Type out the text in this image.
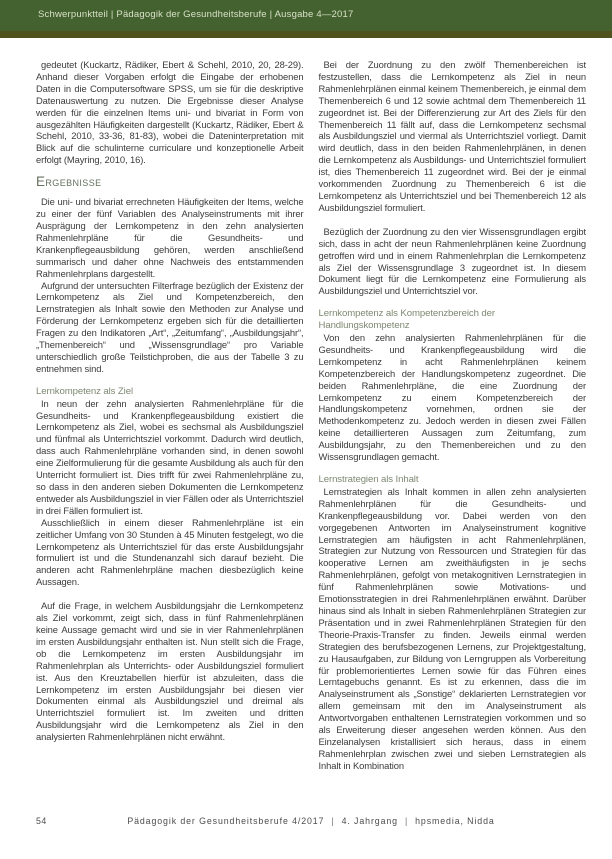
Schwerpunktteil | Pädagogik der Gesundheitsberufe | Ausgabe 4—2017

gedeutet (Kuckartz, Rädiker, Ebert & Schehl, 2010, 20, 28-29). Anhand dieser Vorgaben erfolgt die Eingabe der erhobenen Daten in die Computersoftware SPSS, um sie für die deskriptive Datenauswertung zu nutzen. Die Ergebnisse dieser Analyse werden für die einzelnen Items uni- und bivariat in Form von ausgezählten Häufigkeiten dargestellt (Kuckartz, Rädiker, Ebert & Schehl, 2010, 33-36, 81-83), wobei die Dateninterpretation mit Blick auf die schulinterne curriculare und konzeptionelle Arbeit erfolgt (Mayring, 2010, 16).

Ergebnisse

Die uni- und bivariat errechneten Häufigkeiten der Items, welche zu einer der fünf Variablen des Analyseinstruments mit ihrer Ausprägung der Lernkompetenz in den zehn analysierten Rahmenlehrpläne für die Gesundheits- und Krankenpflegeausbildung gehören, werden anschließend summarisch und daher ohne Nachweis des entstammenden Rahmenlehrplans dargestellt.

Aufgrund der untersuchten Filterfrage bezüglich der Existenz der Lernkompetenz als Ziel und Kompetenzbereich, den Lernstrategien als Inhalt sowie den Methoden zur Analyse und Förderung der Lernkompetenz ergeben sich für die detaillierten Fragen zu den Indikatoren „Art“, „Zeitumfang“, „Ausbildungsjahr“, „Themenbereich“ und „Wissensgrundlage“ pro Variable unterschiedlich große Teilstichproben, die aus der Tabelle 3 zu entnehmen sind.

Lernkompetenz als Ziel

In neun der zehn analysierten Rahmenlehrpläne für die Gesundheits- und Krankenpflegeausbildung existiert die Lernkompetenz als Ziel, wobei es sechsmal als Ausbildungsziel und fünfmal als Unterrichtsziel vorkommt. Dadurch wird deutlich, dass auch Rahmenlehrpläne vorhanden sind, in denen sowohl eine Zielformulierung für die gesamte Ausbildung als auch für den Unterricht formuliert ist. Dies trifft für zwei Rahmenlehrpläne zu, so dass in den anderen sieben Dokumenten die Lernkompetenz entweder als Ausbildungsziel in vier Fällen oder als Unterrichtsziel in drei Fällen formuliert ist.

Ausschließlich in einem dieser Rahmenlehrpläne ist ein zeitlicher Umfang von 30 Stunden à 45 Minuten festgelegt, wo die Lernkompetenz als Unterrichtsziel für das erste Ausbildungsjahr formuliert ist und die Stundenanzahl sich darauf bezieht. Die anderen acht Rahmenlehrpläne machen diesbezüglich keine Aussagen.

Auf die Frage, in welchem Ausbildungsjahr die Lernkompetenz als Ziel vorkommt, zeigt sich, dass in fünf Rahmenlehrplänen keine Aussage gemacht wird und sie in vier Rahmenlehrplänen im ersten Ausbildungsjahr enthalten ist. Nun stellt sich die Frage, ob die Lernkompetenz im ersten Ausbildungsjahr im Rahmenlehrplan als Unterrichts- oder Ausbildungsziel formuliert ist. Aus den Kreuztabellen hierfür ist abzuleiten, dass die Lernkompetenz im ersten Ausbildungsjahr bei diesen vier Dokumenten einmal als Ausbildungsziel und dreimal als Unterrichtsziel formuliert ist. Im zweiten und dritten Ausbildungsjahr wird die Lernkompetenz als Ziel in den analysierten Rahmenlehrplänen nicht erwähnt.

Bei der Zuordnung zu den zwölf Themenbereichen ist festzustellen, dass die Lernkompetenz als Ziel in neun Rahmenlehrplänen einmal keinem Themenbereich, je einmal dem Themenbereich 6 und 12 sowie achtmal dem Themenbereich 11 zugeordnet ist. Bei der Differenzierung zur Art des Ziels für den Themenbereich 11 fällt auf, dass die Lernkompetenz sechsmal als Ausbildungsziel und viermal als Unterrichtsziel vorliegt. Damit wird deutlich, dass in den beiden Rahmenlehrplänen, in denen die Lernkompetenz als Ausbildungs- und Unterrichtsziel formuliert ist, dies Themenbereich 11 zugeordnet wird. Bei der je einmal vorkommenden Zuordnung zu Themenbereich 6 ist die Lernkompetenz als Unterrichtsziel und bei Themenbereich 12 als Ausbildungsziel formuliert.

Bezüglich der Zuordnung zu den vier Wissensgrundlagen ergibt sich, dass in acht der neun Rahmenlehrplänen keine Zuordnung getroffen wird und in einem Rahmenlehrplan die Lernkompetenz als Ziel der Wissensgrundlage 3 zugeordnet ist. In diesem Dokument liegt für die Lernkompetenz eine Formulierung als Ausbildungsziel und Unterrichtsziel vor.

Lernkompetenz als Kompetenzbereich der Handlungskompetenz

Von den zehn analysierten Rahmenlehrplänen für die Gesundheits- und Krankenpflegeausbildung wird die Lernkompetenz in acht Rahmenlehrplänen keinem Kompetenzbereich der Handlungskompetenz zugeordnet. Die beiden Rahmenlehrpläne, die eine Zuordnung der Lernkompetenz zu einem Kompetenzbereich der Handlungskompetenz vornehmen, ordnen sie der Methodenkompetenz zu. Jedoch werden in diesen zwei Fällen keine detaillierteren Aussagen zum Zeitumfang, zum Ausbildungsjahr, zu den Themenbereichen und zu den Wissensgrundlagen gemacht.

Lernstrategien als Inhalt

Lernstrategien als Inhalt kommen in allen zehn analysierten Rahmenlehrplänen für die Gesundheits- und Krankenpflegeausbildung vor. Dabei werden von den vorgegebenen Antworten im Analyseinstrument kognitive Lernstrategien am häufigsten in acht Rahmenlehrplänen, Strategien zur Nutzung von Ressourcen und Strategien für das kooperative Lernen am zweithäufigsten in je sechs Rahmenlehrplänen, gefolgt von metakognitiven Lernstrategien in fünf Rahmenlehrplänen sowie Motivations- und Emotionsstrategien in drei Rahmenlehrplänen erwähnt. Darüber hinaus sind als Inhalt in sieben Rahmenlehrplänen Strategien zur Präsentation und in zwei Rahmenlehrplänen Strategien für den Theorie-Praxis-Transfer zu finden. Jeweils einmal werden Strategien des berufsbezogenen Lernens, zur Projektgestaltung, zu Hausaufgaben, zur Bildung von Lerngruppen als Vorbereitung für problemorientiertes Lernen sowie für das Führen eines Lerntagebuchs genannt. Es ist zu erkennen, dass die im Analyseinstrument als „Sonstige“ deklarierten Lernstrategien vor allem gemeinsam mit den im Analyseinstrument als Antwortvorgaben enthaltenen Lernstrategien vorkommen und so als Erweiterung dieser angesehen werden können. Aus den Einzelanalysen kristallisiert sich heraus, dass in einem Rahmenlehrplan zwischen zwei und sieben Lernstrategien als Inhalt in Kombination

54	Pädagogik der Gesundheitsberufe 4/2017 | 4. Jahrgang | hpsmedia, Nidda
